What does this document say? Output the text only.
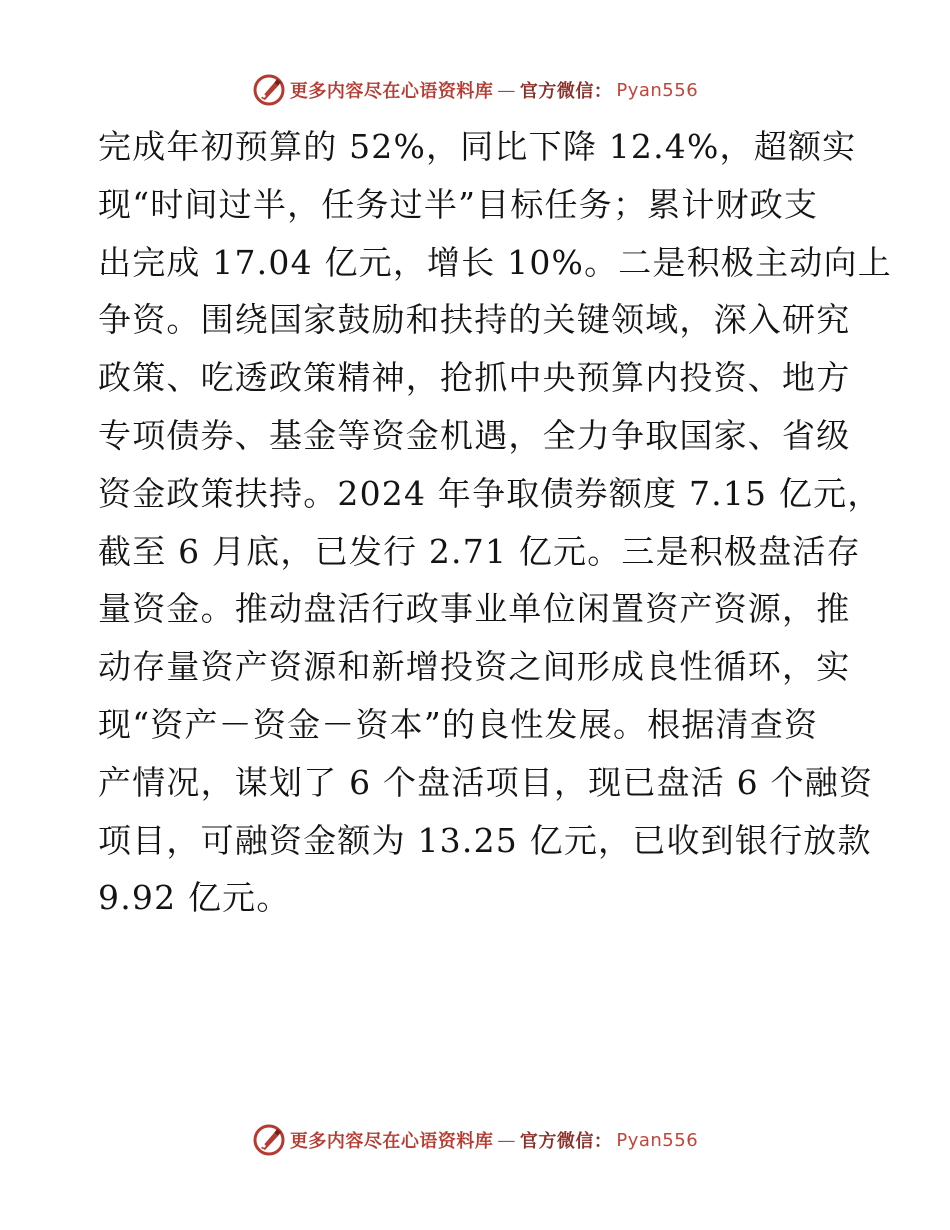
更多内容尽在心语资料库 — 官方微信： Pyan556
完成年初预算的 52%，同比下降 12.4%，超额实
现“时间过半，任务过半”目标任务；累计财政支
出完成 17.04 亿元，增长 10%。二是积极主动向上
争资。围绕国家鼓励和扶持的关键领域，深入研究
政策、吃透政策精神，抢抓中央预算内投资、地方
专项债券、基金等资金机遇，全力争取国家、省级
资金政策扶持。2024 年争取债券额度 7.15 亿元，
截至 6 月底，已发行 2.71 亿元。三是积极盘活存
量资金。推动盘活行政事业单位闲置资产资源，推
动存量资产资源和新增投资之间形成良性循环，实
现“资产－资金－资本”的良性发展。根据清查资
产情况，谋划了 6 个盘活项目，现已盘活 6 个融资
项目，可融资金额为 13.25 亿元，已收到银行放款
9.92 亿元。
更多内容尽在心语资料库 — 官方微信： Pyan556
